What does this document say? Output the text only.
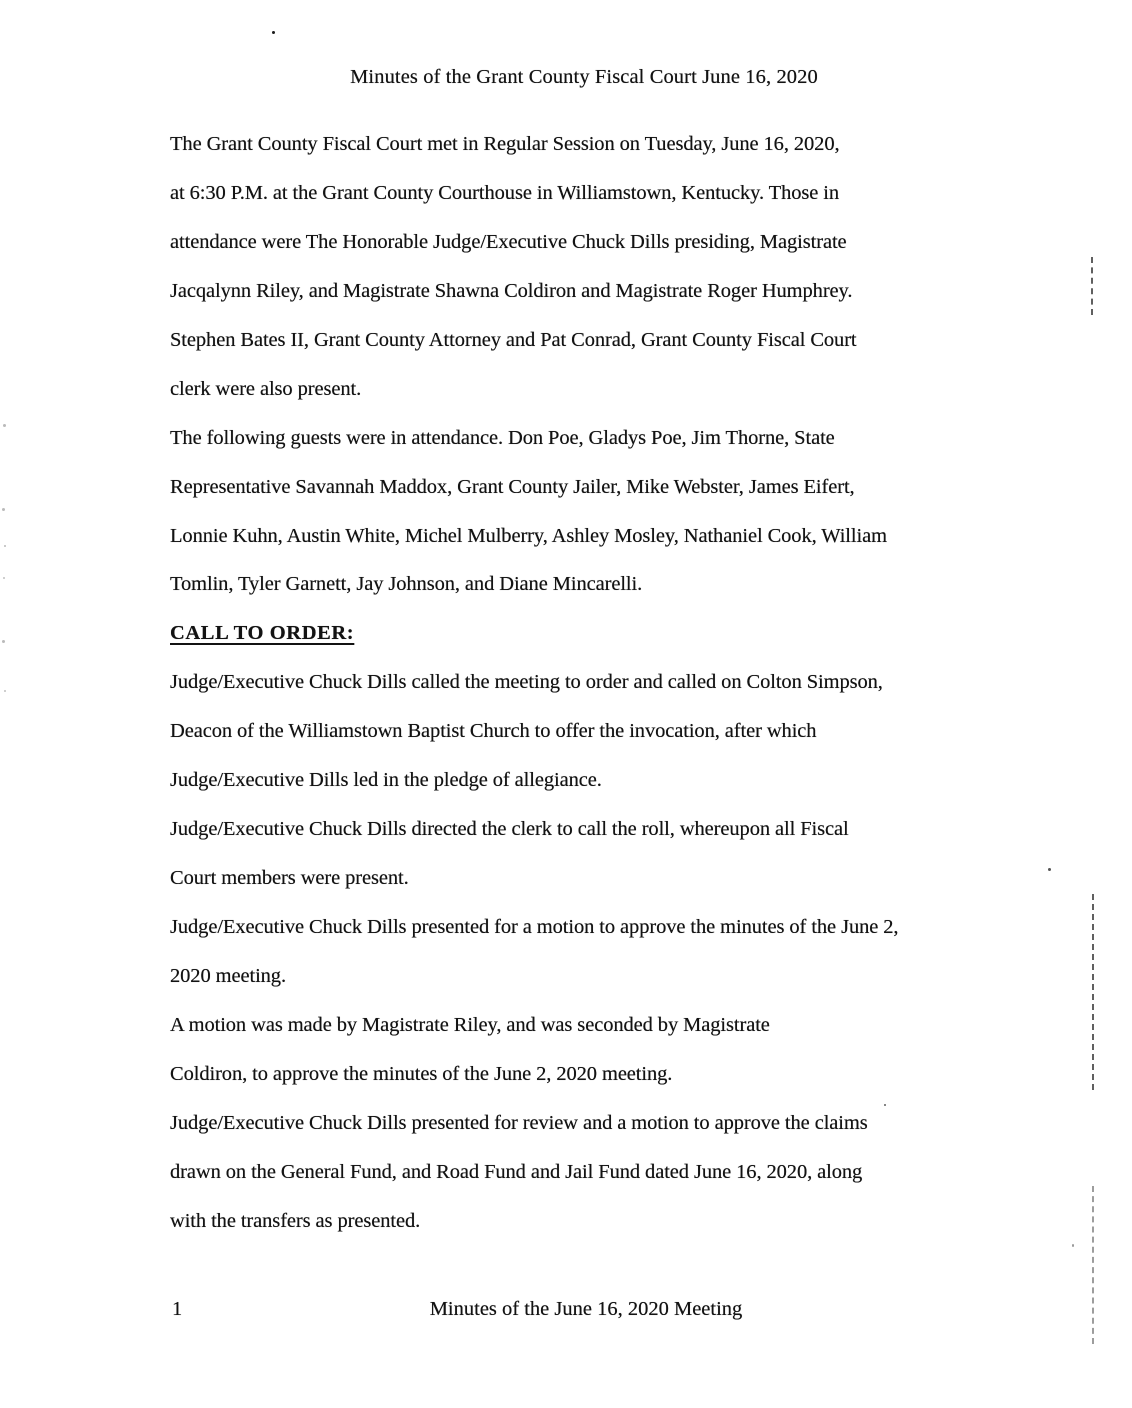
Minutes of the Grant County Fiscal Court June 16, 2020
The Grant County Fiscal Court met in Regular Session on Tuesday, June 16, 2020,
at 6:30 P.M. at the Grant County Courthouse in Williamstown, Kentucky. Those in
attendance were The Honorable Judge/Executive Chuck Dills presiding, Magistrate
Jacqalynn Riley, and Magistrate Shawna Coldiron and Magistrate Roger Humphrey.
Stephen Bates II, Grant County Attorney and Pat Conrad, Grant County Fiscal Court
clerk were also present.
The following guests were in attendance. Don Poe, Gladys Poe, Jim Thorne, State
Representative Savannah Maddox, Grant County Jailer, Mike Webster, James Eifert,
Lonnie Kuhn, Austin White, Michel Mulberry, Ashley Mosley, Nathaniel Cook, William
Tomlin, Tyler Garnett, Jay Johnson, and Diane Mincarelli.
CALL TO ORDER:
Judge/Executive Chuck Dills called the meeting to order and called on Colton Simpson,
Deacon of the Williamstown Baptist Church to offer the invocation, after which
Judge/Executive Dills led in the pledge of allegiance.
Judge/Executive Chuck Dills directed the clerk to call the roll, whereupon all Fiscal
Court members were present.
Judge/Executive Chuck Dills presented for a motion to approve the minutes of the June 2,
2020 meeting.
A motion was made by Magistrate Riley, and was seconded by Magistrate
Coldiron, to approve the minutes of the June 2, 2020 meeting.
Judge/Executive Chuck Dills presented for review and a motion to approve the claims
drawn on the General Fund, and Road Fund and Jail Fund dated June 16, 2020, along
with the transfers as presented.
1	Minutes of the June 16, 2020 Meeting
